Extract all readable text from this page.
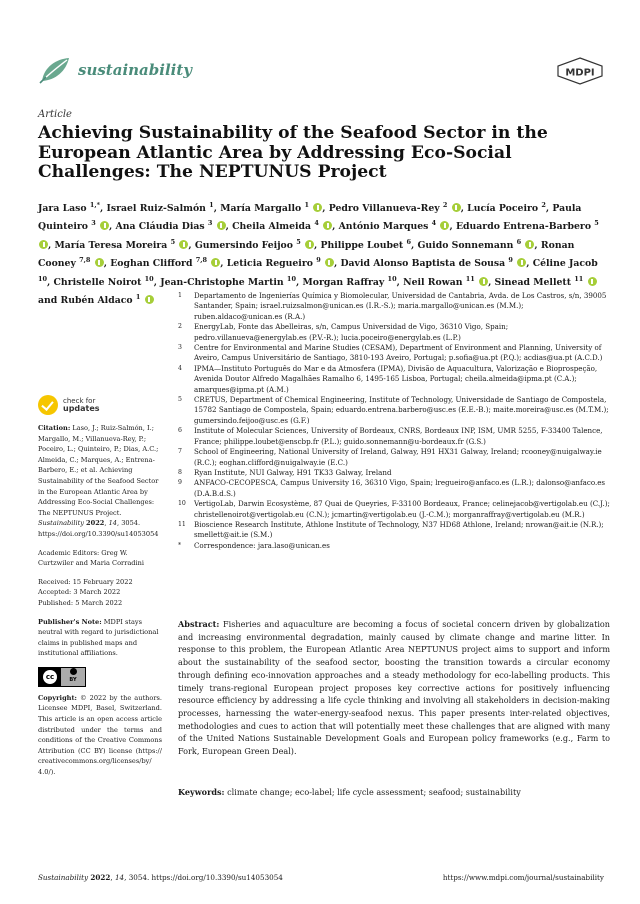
sustainability	MDPI
Article
Achieving Sustainability of the Seafood Sector in the European Atlantic Area by Addressing Eco-Social Challenges: The NEPTUNUS Project
Jara Laso $^{1,*}$, Israel Ruiz-Salmón $^1$, María Margallo $^1$ , Pedro Villanueva-Rey $^2$ , Lucía Poceiro $^2$, Paula Quinteiro $^3$ , Ana Cláudia Dias $^3$ , Cheila Almeida $^4$ , António Marques $^4$ , Eduardo Entrena-Barbero $^5$ , María Teresa Moreira $^5$ , Gumersindo Feijoo $^5$ , Philippe Loubet $^6$, Guido Sonnemann $^6$ , Ronan Cooney $^{7,8}$ , Eoghan Clifford $^{7,8}$ , Leticia Regueiro $^9$ , David Alonso Baptista de Sousa $^9$ , Céline Jacob $^{10}$, Christelle Noirot $^{10}$, Jean-Christophe Martin $^{10}$, Morgan Raffray $^{10}$, Neil Rowan $^{11}$ , Sinead Mellett $^{11}$  and Rubén Aldaco $^1$	1 Departamento de Ingenierías Química y Biomolecular, Universidad de Cantabria, Avda. de Los Castros, s/n, 39005 Santander, Spain; israel.ruizsalmon@unican.es (I.R.-S.); maria.margallo@unican.es (M.M.); ruben.aldaco@unican.es (R.A.)
2 EnergyLab, Fonte das Abelleiras, s/n, Campus Universidad de Vigo, 36310 Vigo, Spain; pedro.villanueva@energylab.es (P.V.-R.); lucia.poceiro@energylab.es (L.P.)
3 Centre for Environmental and Marine Studies (CESAM), Department of Environment and Planning, University of Aveiro, Campus Universitário de Santiago, 3810-193 Aveiro, Portugal; p.sofia@ua.pt (P.Q.); acdias@ua.pt (A.C.D.)
4 IPMA—Instituto Português do Mar e da Atmosfera (IPMA), Divisão de Aquacultura, Valorização e Bioprospeção, Avenida Doutor Alfredo Magalhães Ramalho 6, 1495-165 Lisboa, Portugal; cheila.almeida@ipma.pt (C.A.); amarques@ipma.pt (A.M.)
5 CRETUS, Department of Chemical Engineering, Institute of Technology, Universidade de Santiago de Compostela, 15782 Santiago de Compostela, Spain; eduardo.entrena.barbero@usc.es (E.E.-B.); maite.moreira@usc.es (M.T.M.); gumersindo.feijoo@usc.es (G.F.)
6 Institute of Molecular Sciences, University of Bordeaux, CNRS, Bordeaux INP, ISM, UMR 5255, F-33400 Talence, France; philippe.loubet@enscbp.fr (P.L.); guido.sonnemann@u-bordeaux.fr (G.S.)
7 School of Engineering, National University of Ireland, Galway, H91 HX31 Galway, Ireland; rcooney@nuigalway.ie (R.C.); eoghan.clifford@nuigalway.ie (E.C.)
8 Ryan Institute, NUI Galway, H91 TK33 Galway, Ireland
9 ANFACO-CECOPESCA, Campus University 16, 36310 Vigo, Spain; lregueiro@anfaco.es (L.R.); dalonso@anfaco.es (D.A.B.d.S.)
10 VertigoLab, Darwin Ecosystème, 87 Quai de Queyries, F-33100 Bordeaux, France; celinejacob@vertigolab.eu (C.J.); christellenoirot@vertigolab.eu (C.N.); jcmartin@vertigolab.eu (J.-C.M.); morganraffray@vertigolab.eu (M.R.)
11 Bioscience Research Institute, Athlone Institute of Technology, N37 HD68 Athlone, Ireland; nrowan@ait.ie (N.R.); smellett@ait.ie (S.M.)
* Correspondence: jara.laso@unican.es
check for
updates
Citation: Laso, J.; Ruiz-Salmón, I.; Margallo, M.; Villanueva-Rey, P.; Poceiro, L.; Quinteiro, P.; Dias, A.C.; Almeida, C.; Marques, A.; Entrena-Barbero, E.; et al. Achieving Sustainability of the Seafood Sector in the European Atlantic Area by Addressing Eco-Social Challenges: The NEPTUNUS Project. Sustainability 2022, 14, 3054. https://doi.org/10.3390/su14053054
Academic Editors: Greg W. Curtzwiler and Maria Corradini
Received: 15 February 2022
Accepted: 3 March 2022
Published: 5 March 2022
Publisher's Note: MDPI stays neutral with regard to jurisdictional claims in published maps and institutional affiliations.
cc	BY
Copyright: © 2022 by the authors. Licensee MDPI, Basel, Switzerland. This article is an open access article distributed under the terms and conditions of the Creative Commons Attribution (CC BY) license (https:// creativecommons.org/licenses/by/ 4.0/).
Abstract: Fisheries and aquaculture are becoming a focus of societal concern driven by globalization and increasing environmental degradation, mainly caused by climate change and marine litter. In response to this problem, the European Atlantic Area NEPTUNUS project aims to support and inform about the sustainability of the seafood sector, boosting the transition towards a circular economy through defining eco-innovation approaches and a steady methodology for eco-labelling products. This timely trans-regional European project proposes key corrective actions for positively influencing resource efficiency by addressing a life cycle thinking and involving all stakeholders in decision-making processes, harnessing the water-energy-seafood nexus. This paper presents inter-related objectives, methodologies and cues to action that will potentially meet these challenges that are aligned with many of the United Nations Sustainable Development Goals and European policy frameworks (e.g., Farm to Fork, European Green Deal).
Keywords: climate change; eco-label; life cycle assessment; seafood; sustainability
Sustainability 2022, 14, 3054. https://doi.org/10.3390/su14053054	https://www.mdpi.com/journal/sustainability
